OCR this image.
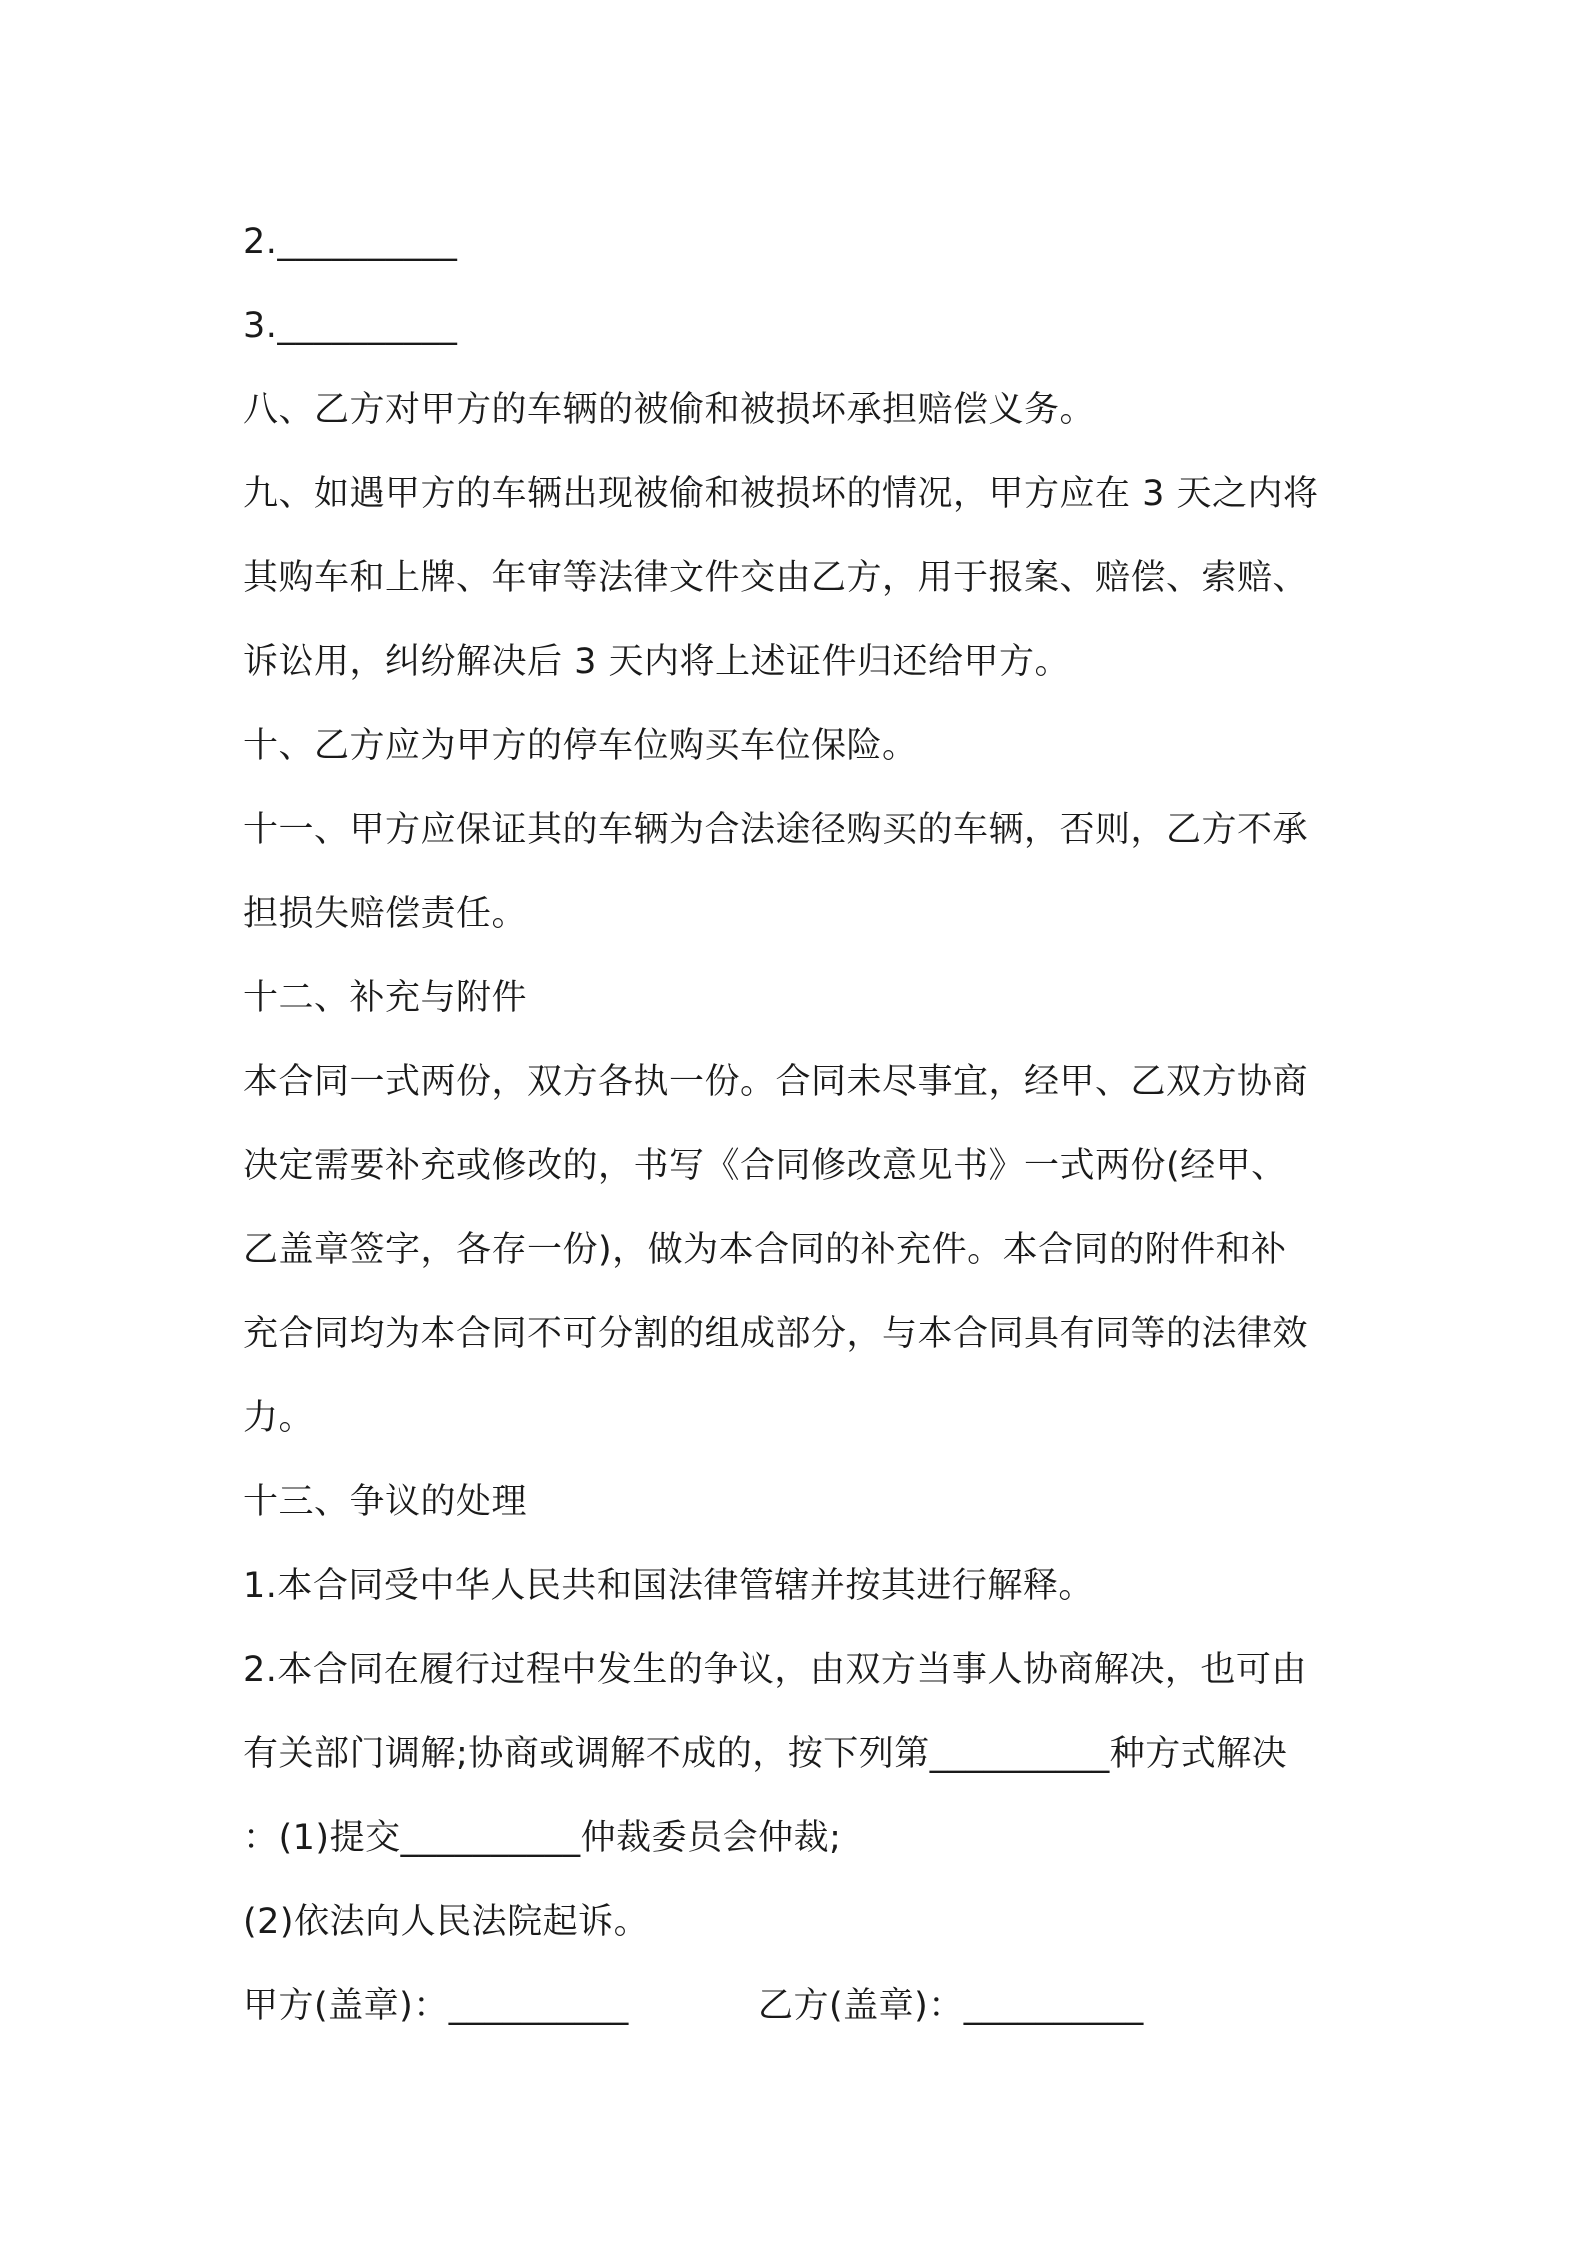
2.__________
3.__________
八、乙方对甲方的车辆的被偷和被损坏承担赔偿义务。
九、如遇甲方的车辆出现被偷和被损坏的情况，甲方应在 3 天之内将
其购车和上牌、年审等法律文件交由乙方，用于报案、赔偿、索赔、
诉讼用，纠纷解决后 3 天内将上述证件归还给甲方。
十、乙方应为甲方的停车位购买车位保险。
十一、甲方应保证其的车辆为合法途径购买的车辆，否则，乙方不承
担损失赔偿责任。
十二、补充与附件
本合同一式两份，双方各执一份。合同未尽事宜，经甲、乙双方协商
决定需要补充或修改的，书写《合同修改意见书》一式两份(经甲、
乙盖章签字，各存一份)，做为本合同的补充件。本合同的附件和补
充合同均为本合同不可分割的组成部分，与本合同具有同等的法律效
力。
十三、争议的处理
1.本合同受中华人民共和国法律管辖并按其进行解释。
2.本合同在履行过程中发生的争议，由双方当事人协商解决，也可由
有关部门调解;协商或调解不成的，按下列第__________种方式解决
：(1)提交__________仲裁委员会仲裁;
(2)依法向人民法院起诉。
甲方(盖章)：__________	乙方(盖章)：__________
